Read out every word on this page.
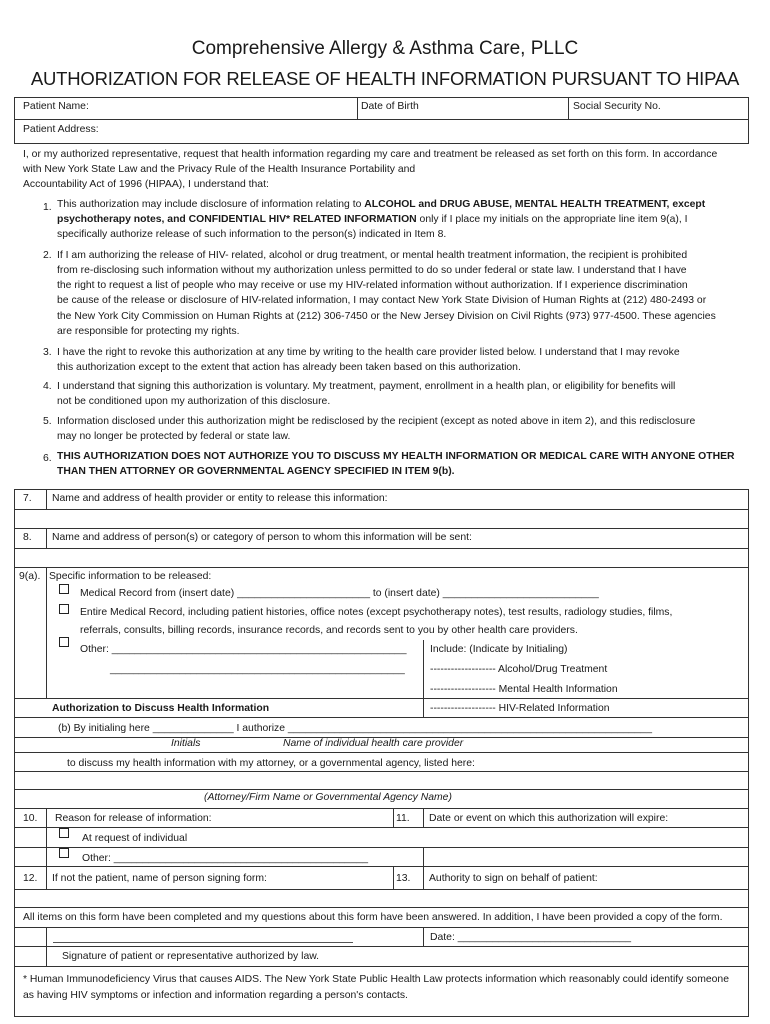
Comprehensive Allergy & Asthma Care, PLLC
AUTHORIZATION FOR RELEASE OF HEALTH INFORMATION PURSUANT TO HIPAA
Patient Name:	Date of Birth	Social Security No.
Patient Address:
I, or my authorized representative, request that health information regarding my care and treatment be released as set forth on this form. In accordance
with New York State Law and the Privacy Rule of the Health Insurance Portability and
Accountability Act of 1996 (HIPAA), I understand that:
1. This authorization may include disclosure of information relating to ALCOHOL and DRUG ABUSE, MENTAL HEALTH TREATMENT, except
psychotherapy notes, and CONFIDENTIAL HIV* RELATED INFORMATION only if I place my initials on the appropriate line item 9(a), I
specifically authorize release of such information to the person(s) indicated in Item 8.
2. If I am authorizing the release of HIV- related, alcohol or drug treatment, or mental health treatment information, the recipient is prohibited
from re-disclosing such information without my authorization unless permitted to do so under federal or state law. I understand that I have
the right to request a list of people who may receive or use my HIV-related information without authorization. If I experience discrimination
be cause of the release or disclosure of HIV-related information, I may contact New York State Division of Human Rights at (212) 480-2493 or
the New York City Commission on Human Rights at (212) 306-7450 or the New Jersey Division on Civil Rights (973) 977-4500. These agencies
are responsible for protecting my rights.
3. I have the right to revoke this authorization at any time by writing to the health care provider listed below. I understand that I may revoke
this authorization except to the extent that action has already been taken based on this authorization.
4. I understand that signing this authorization is voluntary. My treatment, payment, enrollment in a health plan, or eligibility for benefits will
not be conditioned upon my authorization of this disclosure.
5. Information disclosed under this authorization might be redisclosed by the recipient (except as noted above in item 2), and this redisclosure
may no longer be protected by federal or state law.
6. THIS AUTHORIZATION DOES NOT AUTHORIZE YOU TO DISCUSS MY HEALTH INFORMATION OR MEDICAL CARE WITH ANYONE OTHER
THAN THEN ATTORNEY OR GOVERNMENTAL AGENCY SPECIFIED IN ITEM 9(b).
7. Name and address of health provider or entity to release this information:
8. Name and address of person(s) or category of person to whom this information will be sent:
9(a). Specific information to be released:
Medical Record from (insert date) _______________________ to (insert date) ___________________________
Entire Medical Record, including patient histories, office notes (except psychotherapy notes), test results, radiology studies, films,
referrals, consults, billing records, insurance records, and records sent to you by other health care providers.
Other: ___________________________________________________
___________________________________________________
Include: (Indicate by Initialing)
------------------- Alcohol/Drug Treatment
------------------- Mental Health Information
------------------- HIV-Related Information
Authorization to Discuss Health Information
(b) By initialing here ______________ I authorize _______________________________________________________________
Initials	Name of individual health care provider
to discuss my health information with my attorney, or a governmental agency, listed here:
(Attorney/Firm Name or Governmental Agency Name)
10. Reason for release of information:	11. Date or event on which this authorization will expire:
At request of individual
Other: ____________________________________________
12. If not the patient, name of person signing form:	13. Authority to sign on behalf of patient:
All items on this form have been completed and my questions about this form have been answered. In addition, I have been provided a copy of the form.
Date: ______________________________
Signature of patient or representative authorized by law.
* Human Immunodeficiency Virus that causes AIDS. The New York State Public Health Law protects information which reasonably could identify someone
as having HIV symptoms or infection and information regarding a person's contacts.
